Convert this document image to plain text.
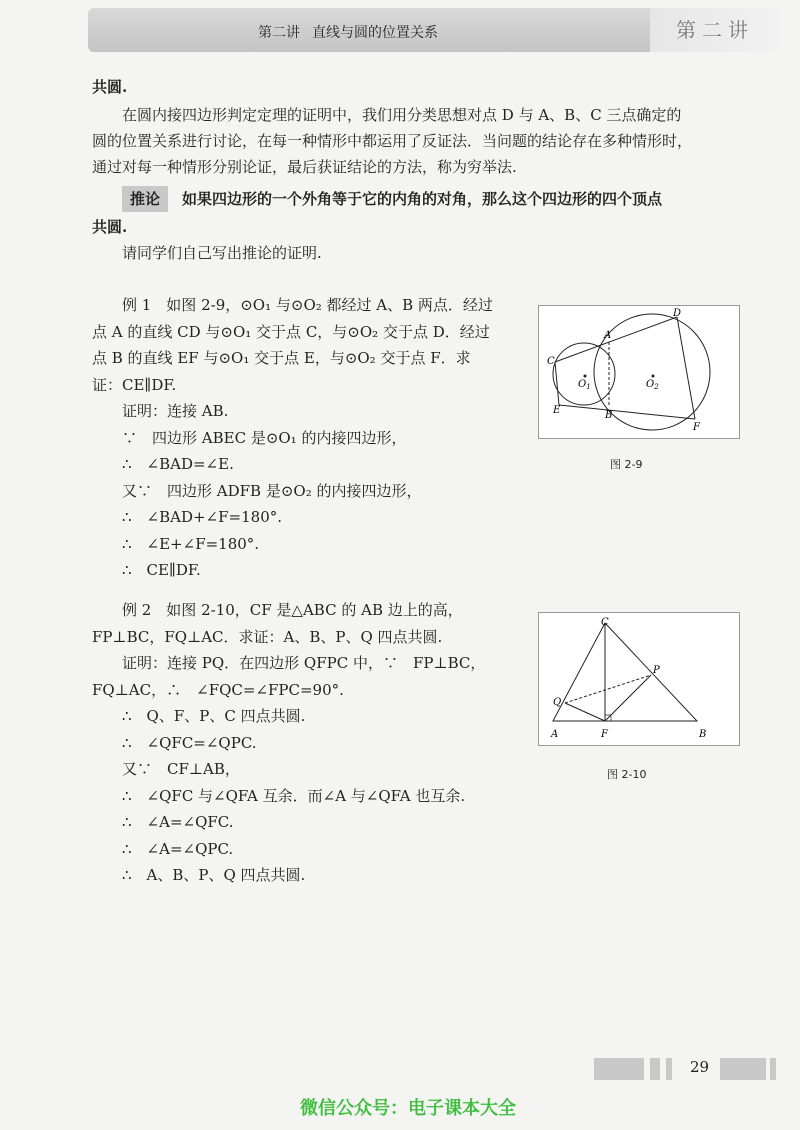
第二讲 直线与圆的位置关系	第二讲

共圆.

在圆内接四边形判定定理的证明中，我们用分类思想对点 D 与 A、B、C 三点确定的

圆的位置关系进行讨论，在每一种情形中都运用了反证法．当问题的结论存在多种情形时，

通过对每一种情形分别论证，最后获证结论的方法，称为穷举法.

推论 如果四边形的一个外角等于它的内角的对角，那么这个四边形的四个顶点

共圆.

请同学们自己写出推论的证明.

例 1　如图 2-9，⊙O₁ 与⊙O₂ 都经过 A、B 两点．经过

点 A 的直线 CD 与⊙O₁ 交于点 C，与⊙O₂ 交于点 D．经过

点 B 的直线 EF 与⊙O₁ 交于点 E，与⊙O₂ 交于点 F．求

证：CE∥DF.

证明：连接 AB.

∵　四边形 ABEC 是⊙O₁ 的内接四边形，

∴　∠BAD=∠E.

又∵　四边形 ADFB 是⊙O₂ 的内接四边形，

∴　∠BAD+∠F=180°.

∴　∠E+∠F=180°.

∴　CE∥DF.

A
B
C
D
E
F
$O_1$	$O_2$
图 2-9

例 2　如图 2-10，CF 是△ABC 的 AB 边上的高，

FP⊥BC，FQ⊥AC．求证：A、B、P、Q 四点共圆.

证明：连接 PQ．在四边形 QFPC 中，∵　FP⊥BC，

FQ⊥AC，∴　∠FQC=∠FPC=90°.

∴　Q、F、P、C 四点共圆.

∴　∠QFC=∠QPC.

又∵　CF⊥AB，

∴　∠QFC 与∠QFA 互余．而∠A 与∠QFA 也互余.

∴　∠A=∠QFC.

∴　∠A=∠QPC.

∴　A、B、P、Q 四点共圆.

A	B
C
F
P
Q
图 2-10
29
微信公众号：电子课本大全
